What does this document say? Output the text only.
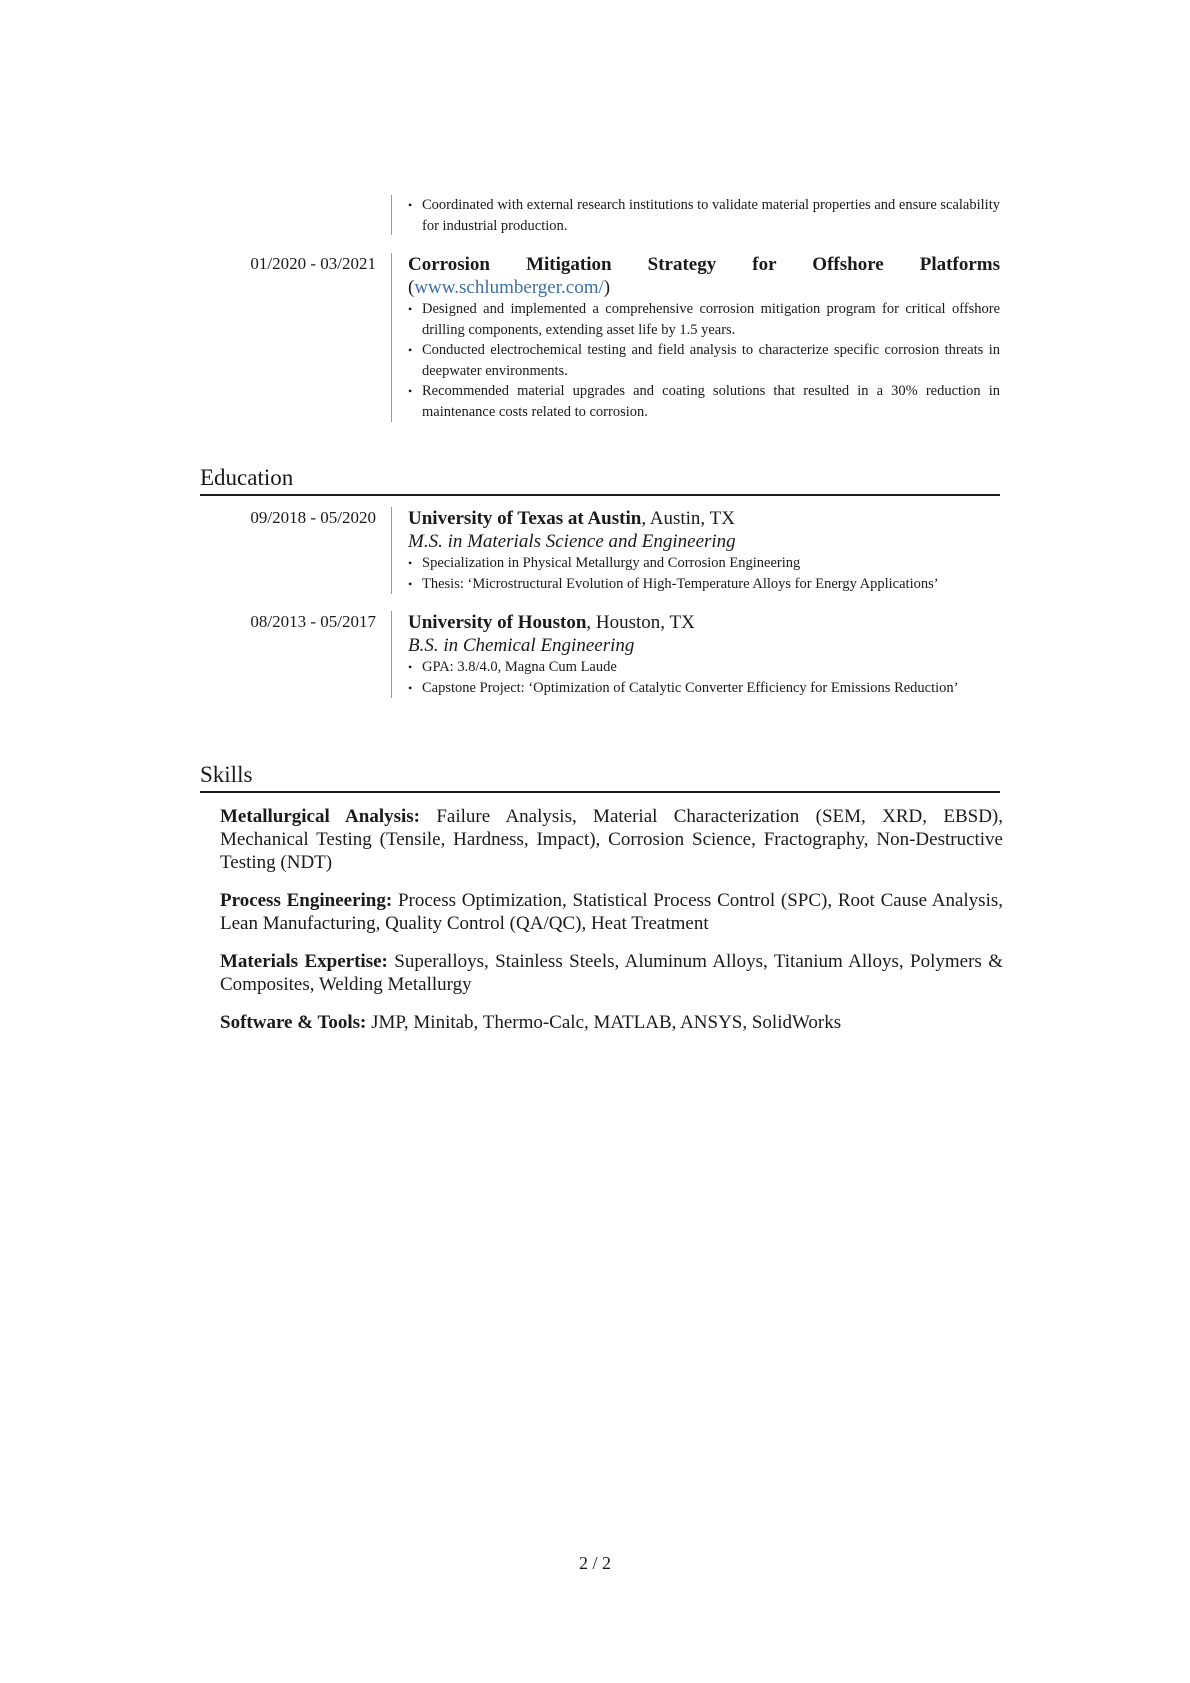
• Coordinated with external research institutions to validate material properties and ensure scalability for industrial production.
01/2020 - 03/2021 Corrosion Mitigation Strategy for Offshore Platforms
(www.schlumberger.com/)
• Designed and implemented a comprehensive corrosion mitigation program for critical offshore drilling components, extending asset life by 1.5 years.
• Conducted electrochemical testing and field analysis to characterize specific corrosion threats in deepwater environments.
• Recommended material upgrades and coating solutions that resulted in a 30% reduction in maintenance costs related to corrosion.
Education
09/2018 - 05/2020 University of Texas at Austin, Austin, TX
M.S. in Materials Science and Engineering
• Specialization in Physical Metallurgy and Corrosion Engineering
• Thesis: ‘Microstructural Evolution of High-Temperature Alloys for Energy Applications’
08/2013 - 05/2017 University of Houston, Houston, TX
B.S. in Chemical Engineering
• GPA: 3.8/4.0, Magna Cum Laude
• Capstone Project: ‘Optimization of Catalytic Converter Efficiency for Emissions Reduction’
Skills
Metallurgical Analysis: Failure Analysis, Material Characterization (SEM, XRD, EBSD), Mechanical Testing (Tensile, Hardness, Impact), Corrosion Science, Fractography, Non-Destructive Testing (NDT)
Process Engineering: Process Optimization, Statistical Process Control (SPC), Root Cause Analysis, Lean Manufacturing, Quality Control (QA/QC), Heat Treatment
Materials Expertise: Superalloys, Stainless Steels, Aluminum Alloys, Titanium Alloys, Polymers & Composites, Welding Metallurgy
Software & Tools: JMP, Minitab, Thermo-Calc, MATLAB, ANSYS, SolidWorks
2 / 2
